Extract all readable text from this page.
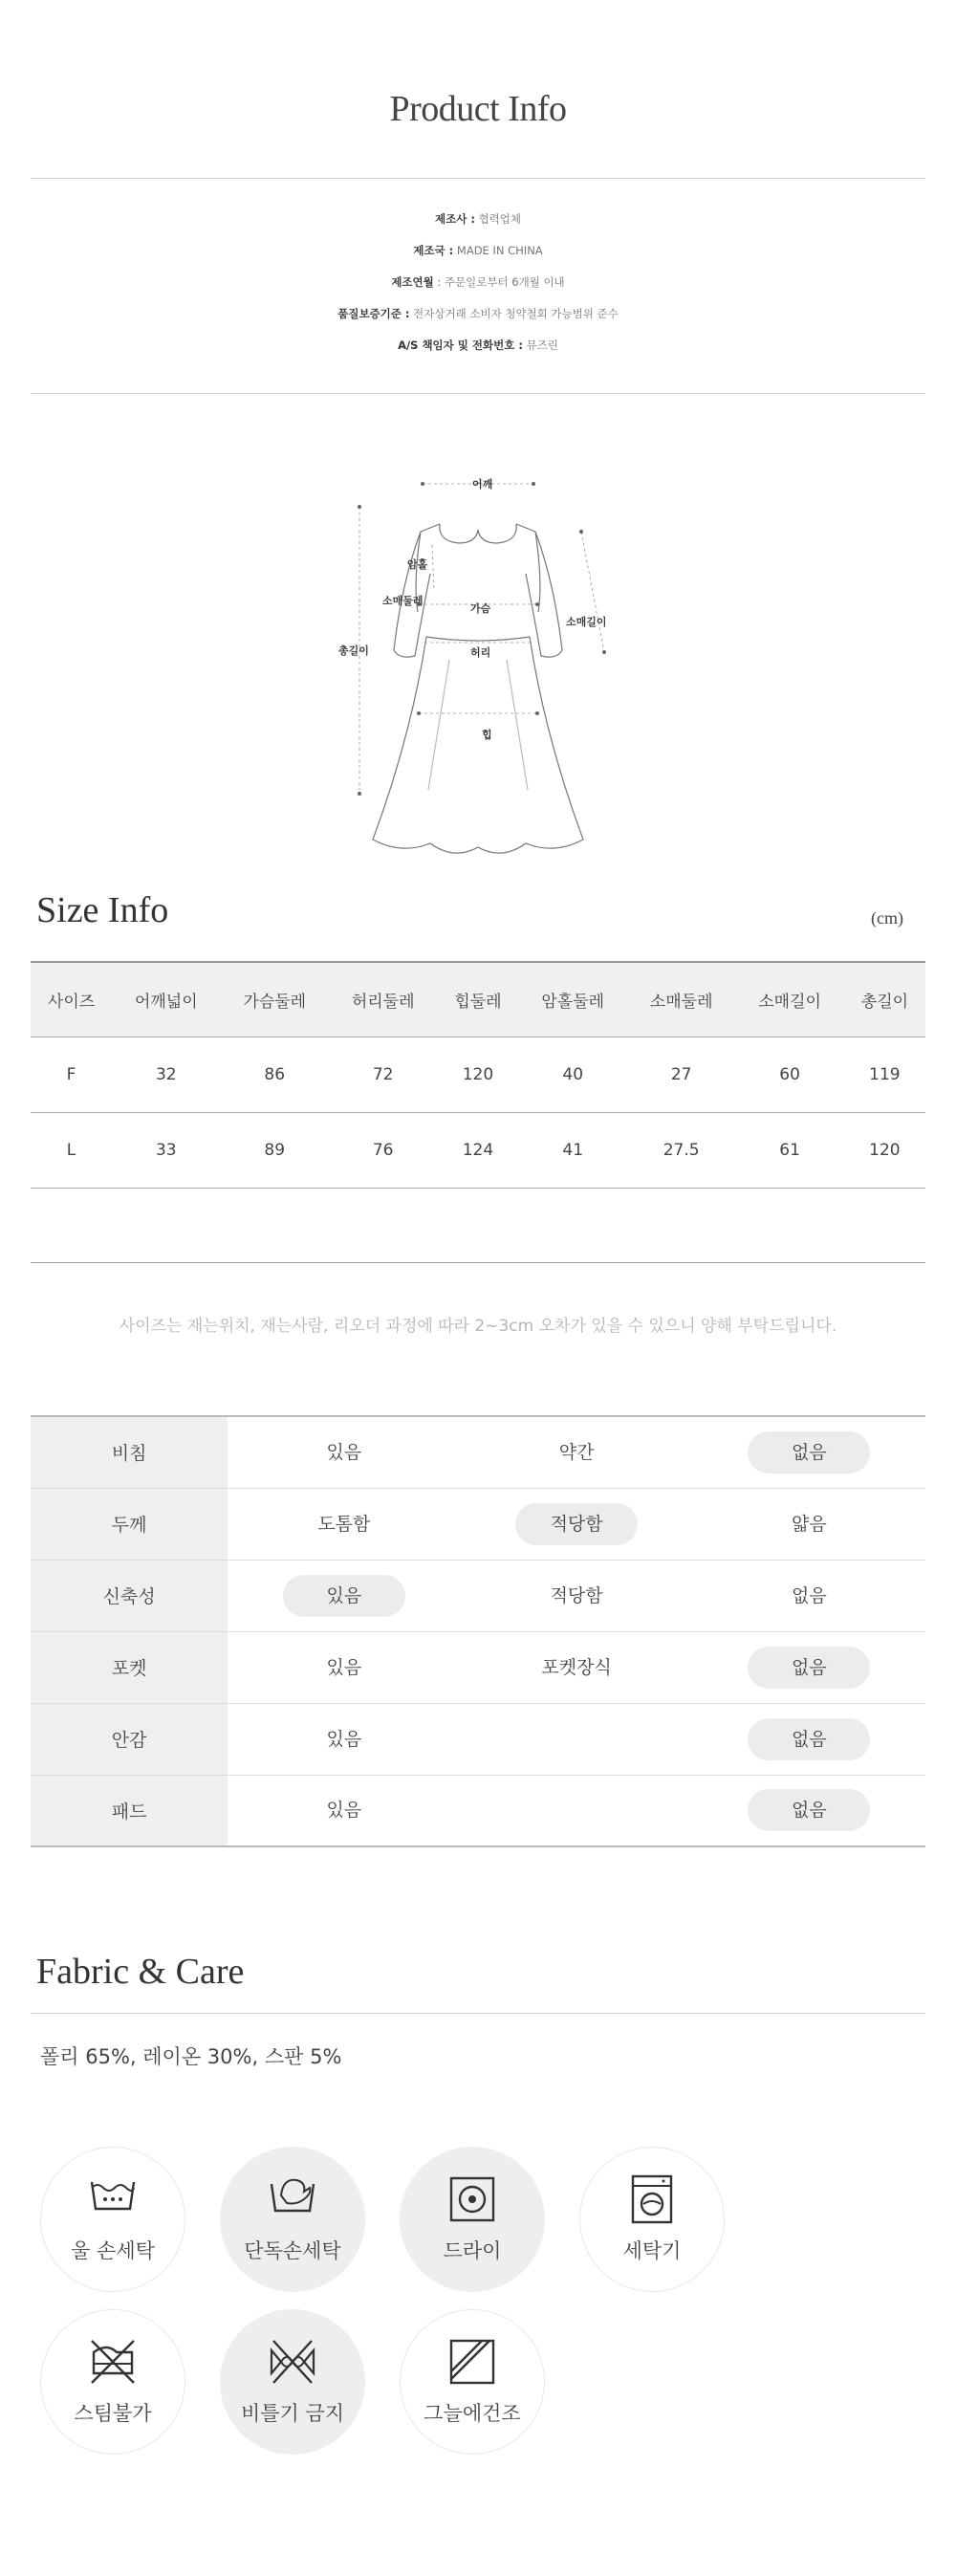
Product Info
제조사 : 협력업체
제조국 : MADE IN CHINA
제조연월 : 주문일로부터 6개월 이내
품질보증기준 : 전자상거래 소비자 청약철회 가능범위 준수
A/S 책임자 및 전화번호 : 뮤즈린
어깨
암홀
소매둘레
가슴
허리
소매길이
총길이
힙
Size Info	(cm)
사이즈	어깨넓이	가슴둘레	허리둘레	힙둘레	암홀둘레	소매둘레	소매길이	총길이
F	32	86	72	120	40	27	60	119
L	33	89	76	124	41	27.5	61	120
사이즈는 재는위치, 재는사람, 리오더 과정에 따라 2~3cm 오차가 있을 수 있으니 양해 부탁드립니다.
비침	있음	약간	없음
두께	도톰함	적당함	얇음
신축성	있음	적당함	없음
포켓	있음	포켓장식	없음
안감	있음		없음
패드	있음		없음
Fabric & Care
폴리 65%, 레이온 30%, 스판 5%
울 손세탁	단독손세탁	드라이	세탁기
스팀불가	비틀기 금지	그늘에건조
